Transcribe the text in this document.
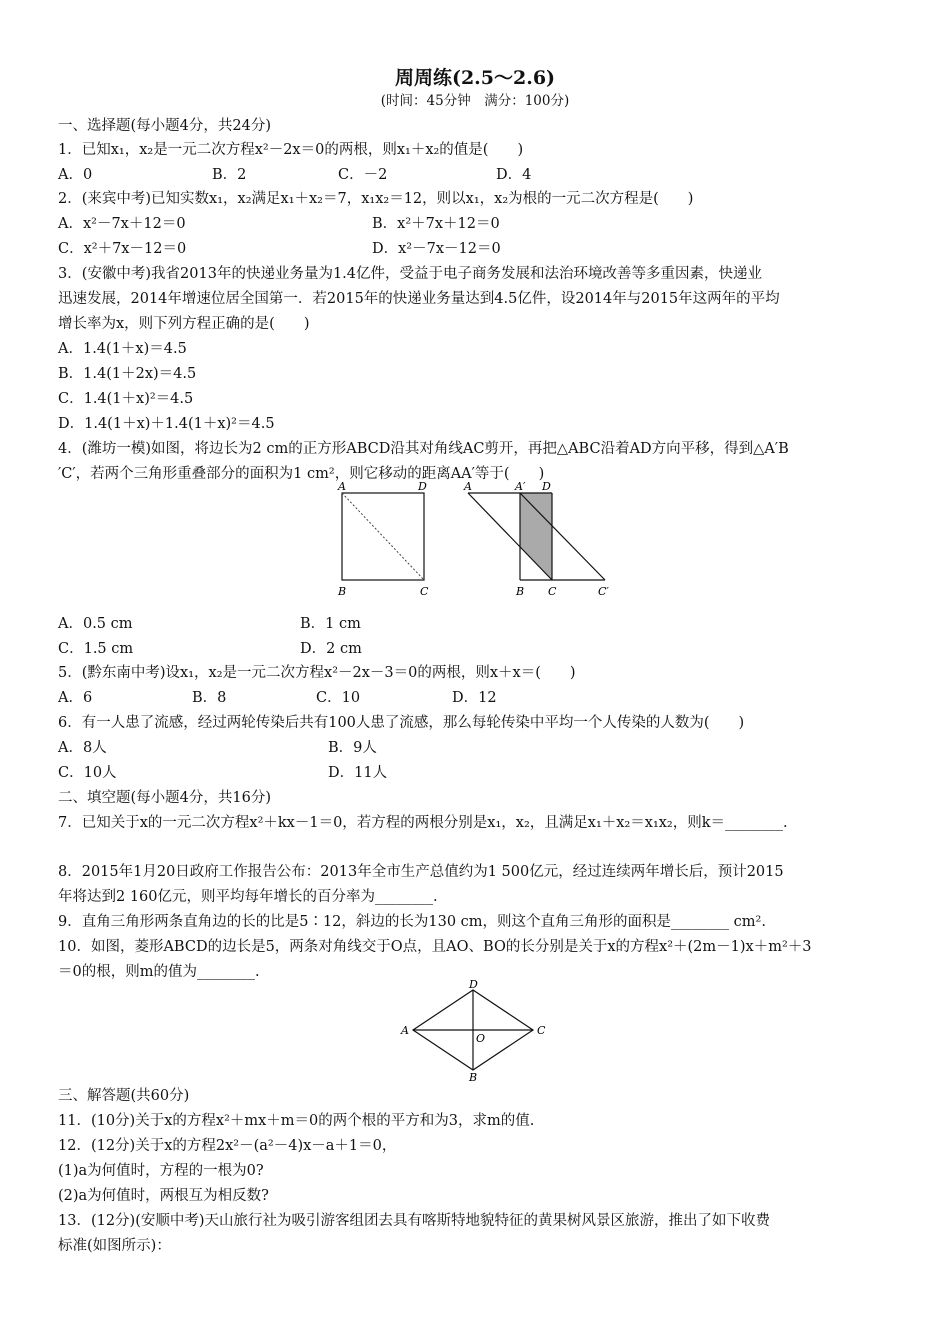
周周练(2.5～2.6)
(时间：45分钟　满分：100分)
一、选择题(每小题4分，共24分)
1．已知x₁，x₂是一元二次方程x²－2x＝0的两根，则x₁＋x₂的值是(　　)
A．0	B．2	C．－2	D．4
2．(来宾中考)已知实数x₁，x₂满足x₁＋x₂＝7，x₁x₂＝12，则以x₁，x₂为根的一元二次方程是(　　)
A．x²－7x＋12＝0	B．x²＋7x＋12＝0
C．x²＋7x－12＝0	D．x²－7x－12＝0
3．(安徽中考)我省2013年的快递业务量为1.4亿件，受益于电子商务发展和法治环境改善等多重因素，快递业
迅速发展，2014年增速位居全国第一．若2015年的快递业务量达到4.5亿件，设2014年与2015年这两年的平均
增长率为x，则下列方程正确的是(　　)
A．1.4(1＋x)＝4.5
B．1.4(1＋2x)＝4.5
C．1.4(1＋x)²＝4.5
D．1.4(1＋x)＋1.4(1＋x)²＝4.5
4．(潍坊一模)如图，将边长为2 cm的正方形ABCD沿其对角线AC剪开，再把△ABC沿着AD方向平移，得到△A′B
′C′，若两个三角形重叠部分的面积为1 cm²，则它移动的距离AA′等于(　　)
A	D
B	C
A	A′ D
B C	C′
A．0.5 cm	B．1 cm
C．1.5 cm	D．2 cm
5．(黔东南中考)设x₁，x₂是一元二次方程x²－2x－3＝0的两根，则x＋x＝(　　)
A．6	B．8	C．10	D．12
6．有一人患了流感，经过两轮传染后共有100人患了流感，那么每轮传染中平均一个人传染的人数为(　　)
A．8人	B．9人
C．10人	D．11人
二、填空题(每小题4分，共16分)
7．已知关于x的一元二次方程x²＋kx－1＝0，若方程的两根分别是x₁，x₂，且满足x₁＋x₂＝x₁x₂，则k＝________.
8．2015年1月20日政府工作报告公布：2013年全市生产总值约为1 500亿元，经过连续两年增长后，预计2015
年将达到2 160亿元，则平均每年增长的百分率为________.
9．直角三角形两条直角边的长的比是5∶12，斜边的长为130 cm，则这个直角三角形的面积是________ cm².
10．如图，菱形ABCD的边长是5，两条对角线交于O点，且AO、BO的长分别是关于x的方程x²＋(2m－1)x＋m²＋3
＝0的根，则m的值为________.
A
D
C
B
O
三、解答题(共60分)
11．(10分)关于x的方程x²＋mx＋m＝0的两个根的平方和为3，求m的值.
12．(12分)关于x的方程2x²－(a²－4)x－a＋1＝0，
(1)a为何值时，方程的一根为0?
(2)a为何值时，两根互为相反数?
13．(12分)(安顺中考)天山旅行社为吸引游客组团去具有喀斯特地貌特征的黄果树风景区旅游，推出了如下收费
标准(如图所示)：
